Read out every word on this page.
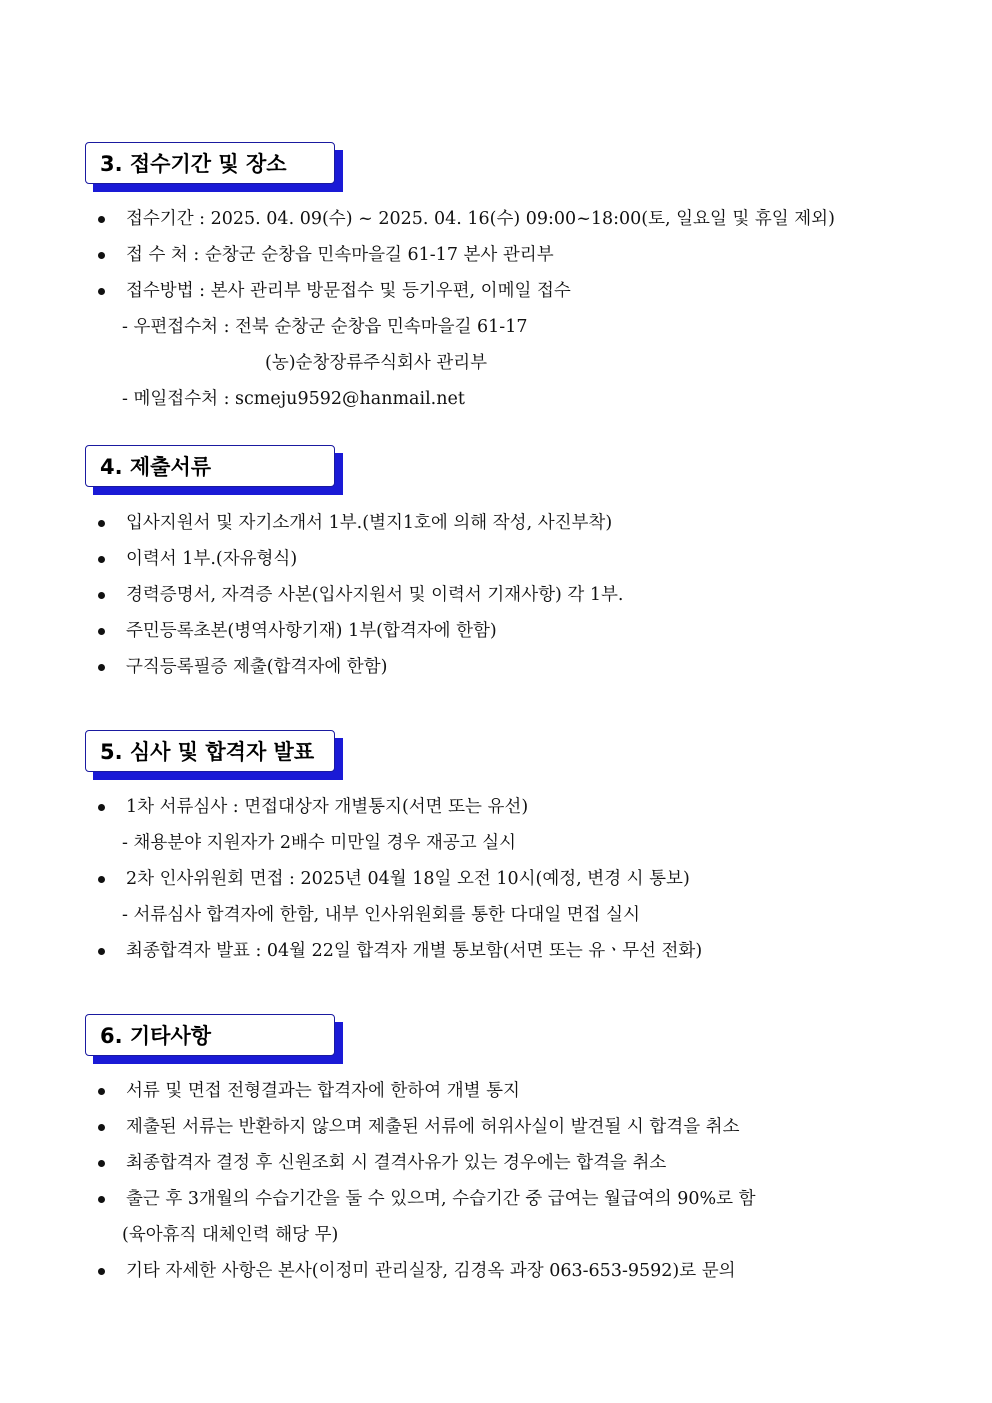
3. 접수기간 및 장소
접수기간 : 2025. 04. 09(수) ~ 2025. 04. 16(수) 09:00~18:00(토, 일요일 및 휴일 제외)
접 수 처 : 순창군 순창읍 민속마을길 61-17 본사 관리부
접수방법 : 본사 관리부 방문접수 및 등기우편, 이메일 접수
- 우편접수처 : 전북 순창군 순창읍 민속마을길 61-17
(농)순창장류주식회사 관리부
- 메일접수처 : scmeju9592@hanmail.net
4. 제출서류
입사지원서 및 자기소개서 1부.(별지1호에 의해 작성, 사진부착)
이력서 1부.(자유형식)
경력증명서, 자격증 사본(입사지원서 및 이력서 기재사항) 각 1부.
주민등록초본(병역사항기재) 1부(합격자에 한함)
구직등록필증 제출(합격자에 한함)
5. 심사 및 합격자 발표
1차 서류심사 : 면접대상자 개별통지(서면 또는 유선)
- 채용분야 지원자가 2배수 미만일 경우 재공고 실시
2차 인사위원회 면접 : 2025년 04월 18일 오전 10시(예정, 변경 시 통보)
- 서류심사 합격자에 한함, 내부 인사위원회를 통한 다대일 면접 실시
최종합격자 발표 : 04월 22일 합격자 개별 통보함(서면 또는 유ㆍ무선 전화)
6. 기타사항
서류 및 면접 전형결과는 합격자에 한하여 개별 통지
제출된 서류는 반환하지 않으며 제출된 서류에 허위사실이 발견될 시 합격을 취소
최종합격자 결정 후 신원조회 시 결격사유가 있는 경우에는 합격을 취소
출근 후 3개월의 수습기간을 둘 수 있으며, 수습기간 중 급여는 월급여의 90%로 함
(육아휴직 대체인력 해당 무)
기타 자세한 사항은 본사(이정미 관리실장, 김경옥 과장 063-653-9592)로 문의
